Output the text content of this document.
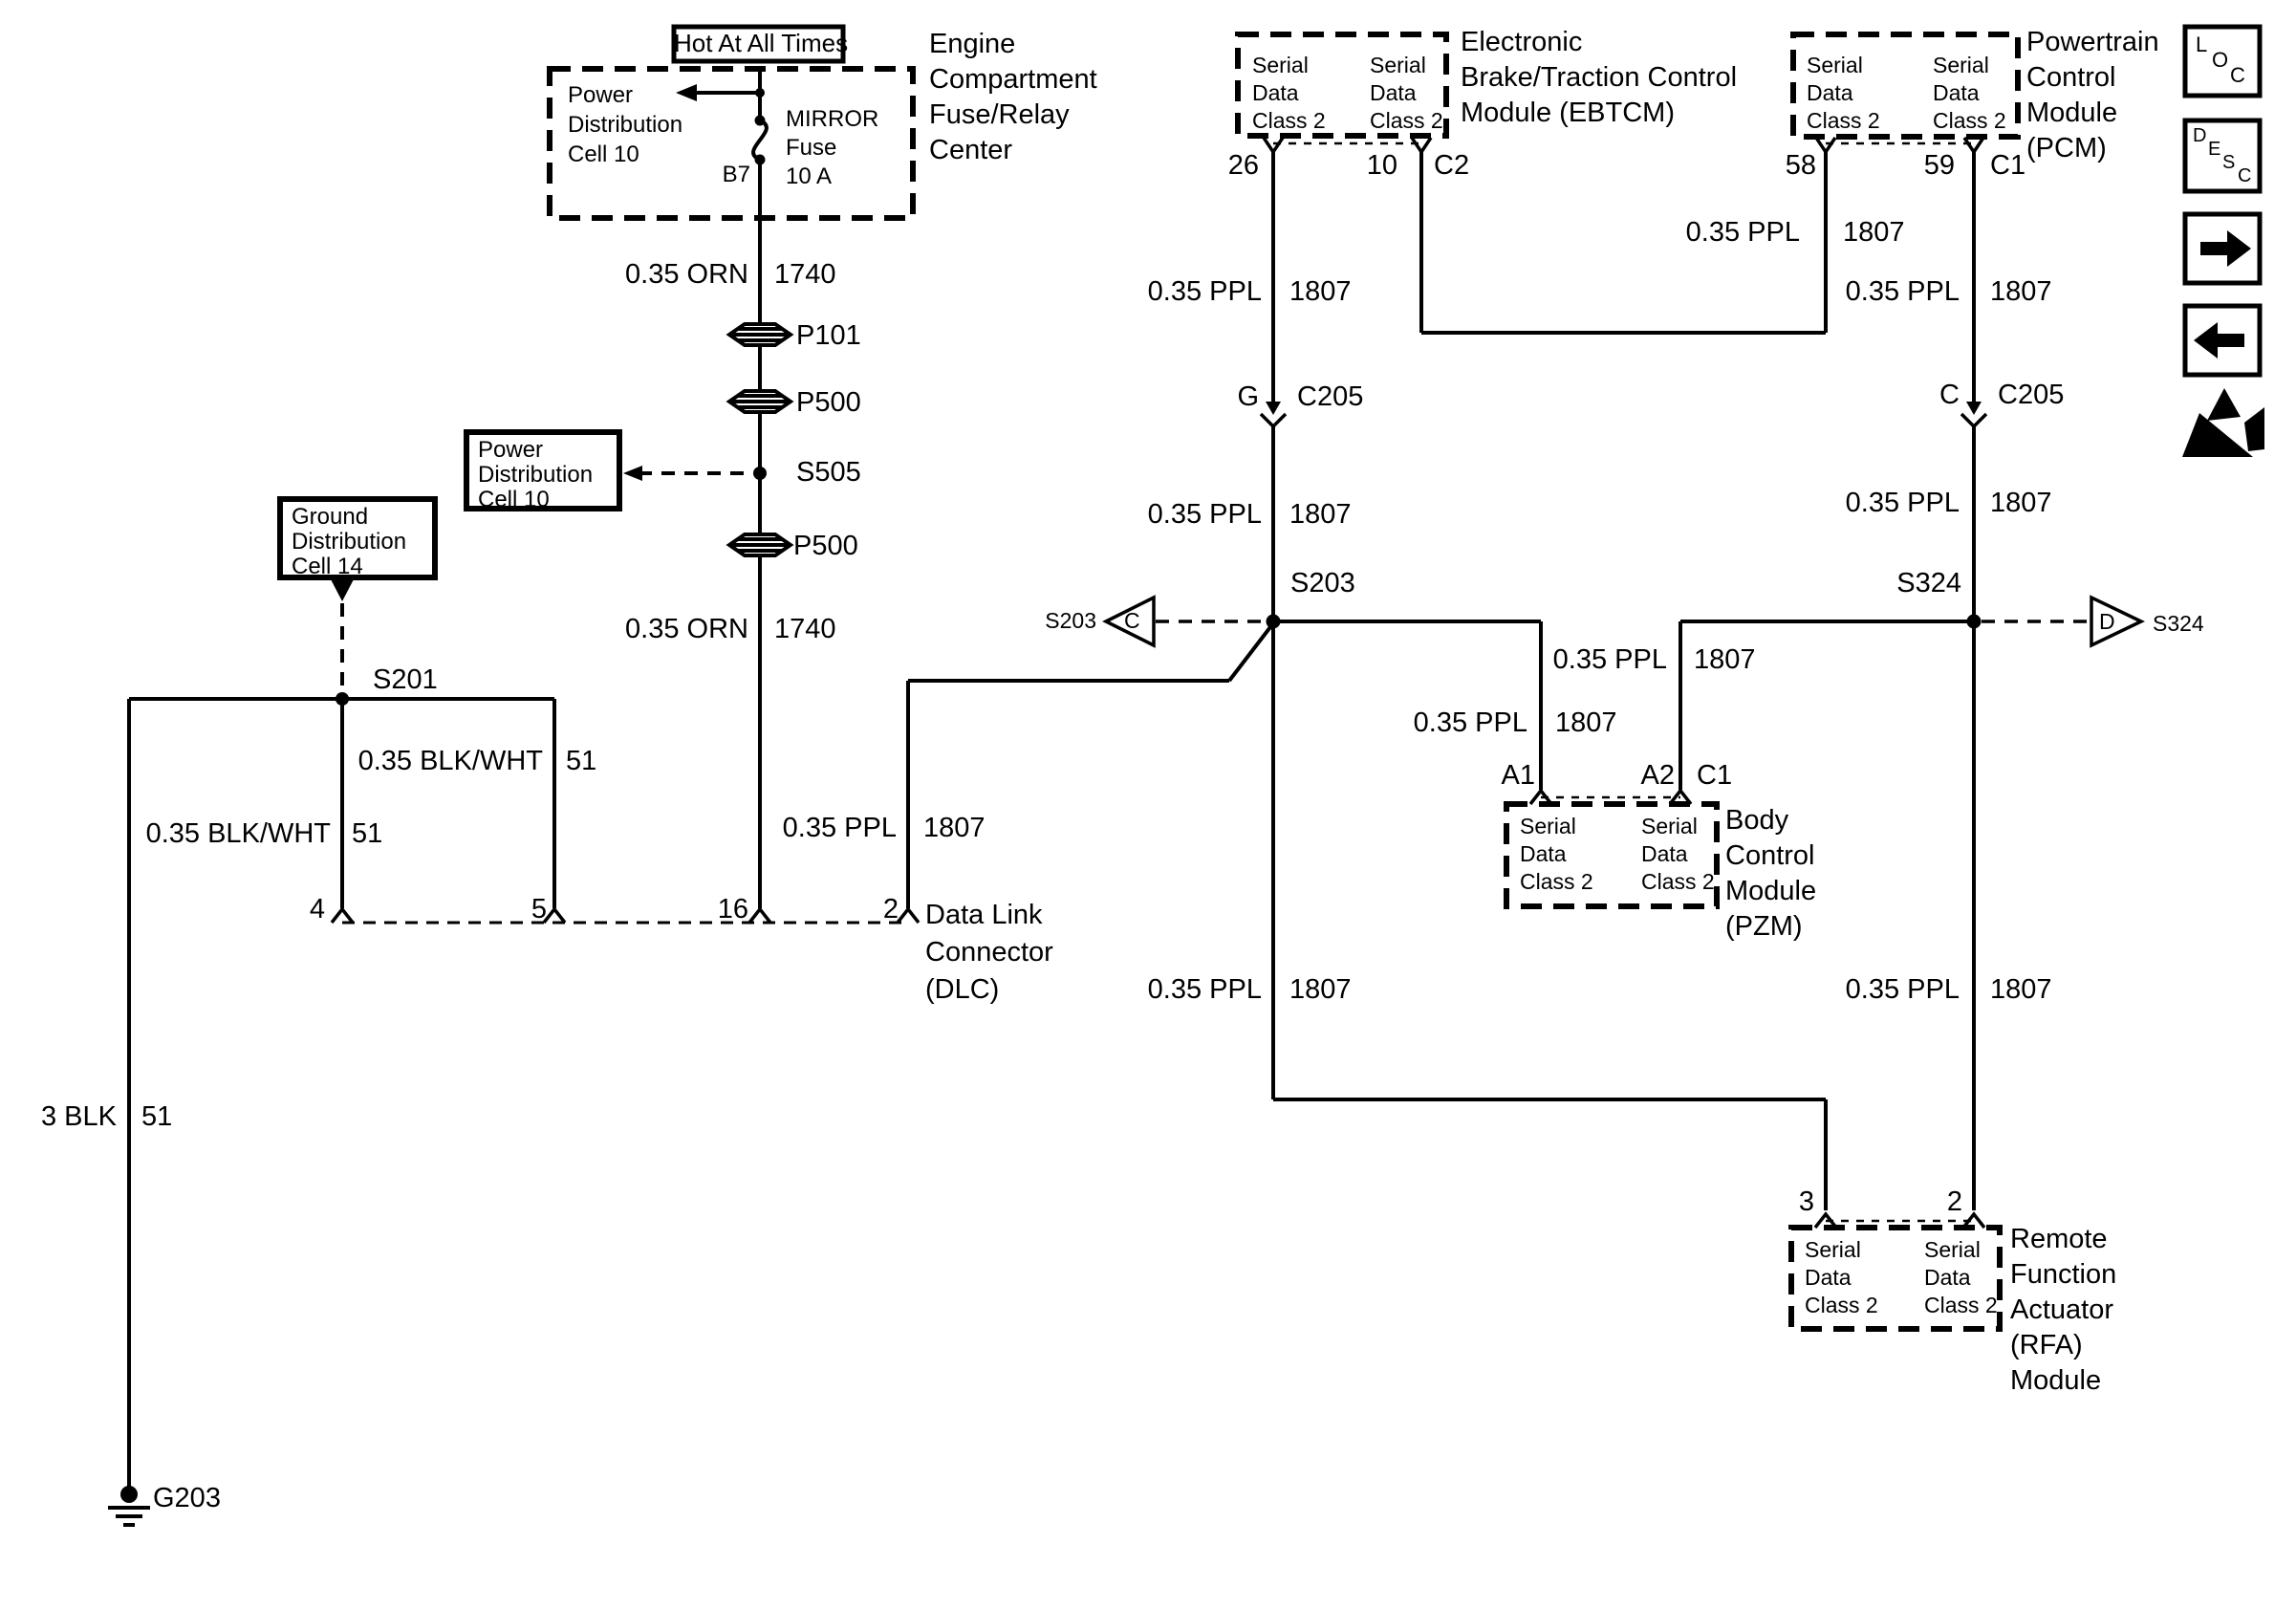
Hot At All Times	Engine
Compartment
Fuse/Relay
Center
Power
Distribution
Cell 10
MIRROR
Fuse
10 A
B7
0.35 ORN 1740
0.35 ORN 1740
P101
P500
S505
P500
Power
Distribution
Cell 10
Ground
Distribution
Cell 14
S201
0.35 BLK/WHT 51
0.35 BLK/WHT 51
3 BLK 51
G203
4	5	16	2 Data Link
Connector
(DLC)
0.35 PPL 1807
Serial
Data
Class 2
Serial
Data
Class 2
Electronic
Brake/Traction Control
Module (EBTCM)
26	10 C2
Serial
Data
Class 2
Serial
Data
Class 2
Powertrain
Control
Module
(PCM)
58	59 C1
0.35 PPL 1807
G C205
0.35 PPL 1807
S203
S203 C
0.35 PPL 1807
0.35 PPL 1807
C C205
0.35 PPL 1807
S324
D S324
0.35 PPL 1807
0.35 PPL 1807
A1	A2 C1
Serial
Data
Class 2
Serial
Data
Class 2
Body
Control
Module
(PZM)
0.35 PPL 1807	0.35 PPL 1807
3	2
Serial
Data
Class 2
Serial
Data
Class 2
Remote
Function
Actuator
(RFA)
Module
L
O
C
D
E
S
C
